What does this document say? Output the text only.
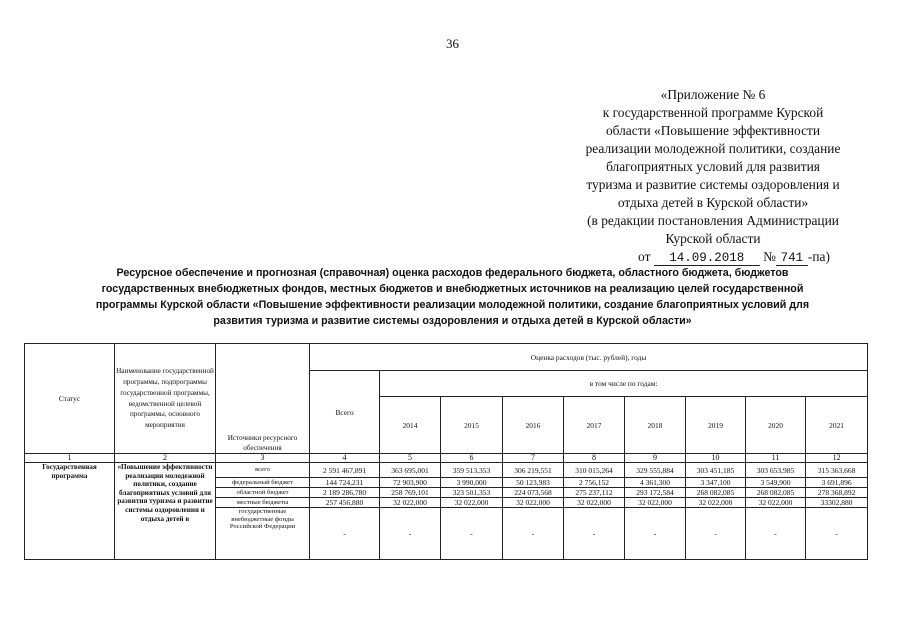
36
«Приложение № 6
к государственной программе Курской
области «Повышение эффективности
реализации молодежной политики, создание
благоприятных условий для развития
туризма и развитие системы оздоровления и
отдыха детей в Курской области»
(в редакции постановления Администрации
Курской области
от 14.09.2018 № 741 -па)
Ресурсное обеспечение и прогнозная (справочная) оценка расходов федерального бюджета, областного бюджета, бюджетов
государственных внебюджетных фондов, местных бюджетов и внебюджетных источников на реализацию целей государственной
программы Курской области «Повышение эффективности реализации молодежной политики, создание благоприятных условий для
развития туризма и развитие системы оздоровления и отдыха детей в Курской области»
Статус	Наименование государственной программы, подпрограммы государственной программы, ведомственной целевой программы, основного мероприятия	Источники ресурсного обеспечения	Оценка расходов (тыс. рублей), годы								
			Всего	в том числе по годам:							
				2014	2015	2016	2017	2018	2019	2020	2021
1	2	3	4	5	6	7	8	9	10	11	12
Государственная программа	«Повышение эффективности реализации молодежной политики, создание благоприятных условий для развития туризма и развитие системы оздоровления и отдыха детей в	всего	2 591 467,891	363 695,001	359 513,353	306 219,551	310 015,264	329 555,884	303 451,185	303 653,985	315 363,668
		федеральный бюджет	144 724,231	72 903,900	3 990,000	50 123,983	2 756,152	4 361,300	3 347,100	3 549,900	3 691,896
		областной бюджет	2 189 286,780	258 769,101	323 501,353	224 073,568	275 237,112	293 172,584	268 082,085	268 082,085	278 368,892
		местные бюджеты	257 456,880	32 022,000	32 022,000	32 022,000	32 022,000	32 022,000	32 022,000	32 022,000	33302,880
		государственные внебюджетные фонды Российской Федерации	-	-	-	-	-	-	-	-	-
